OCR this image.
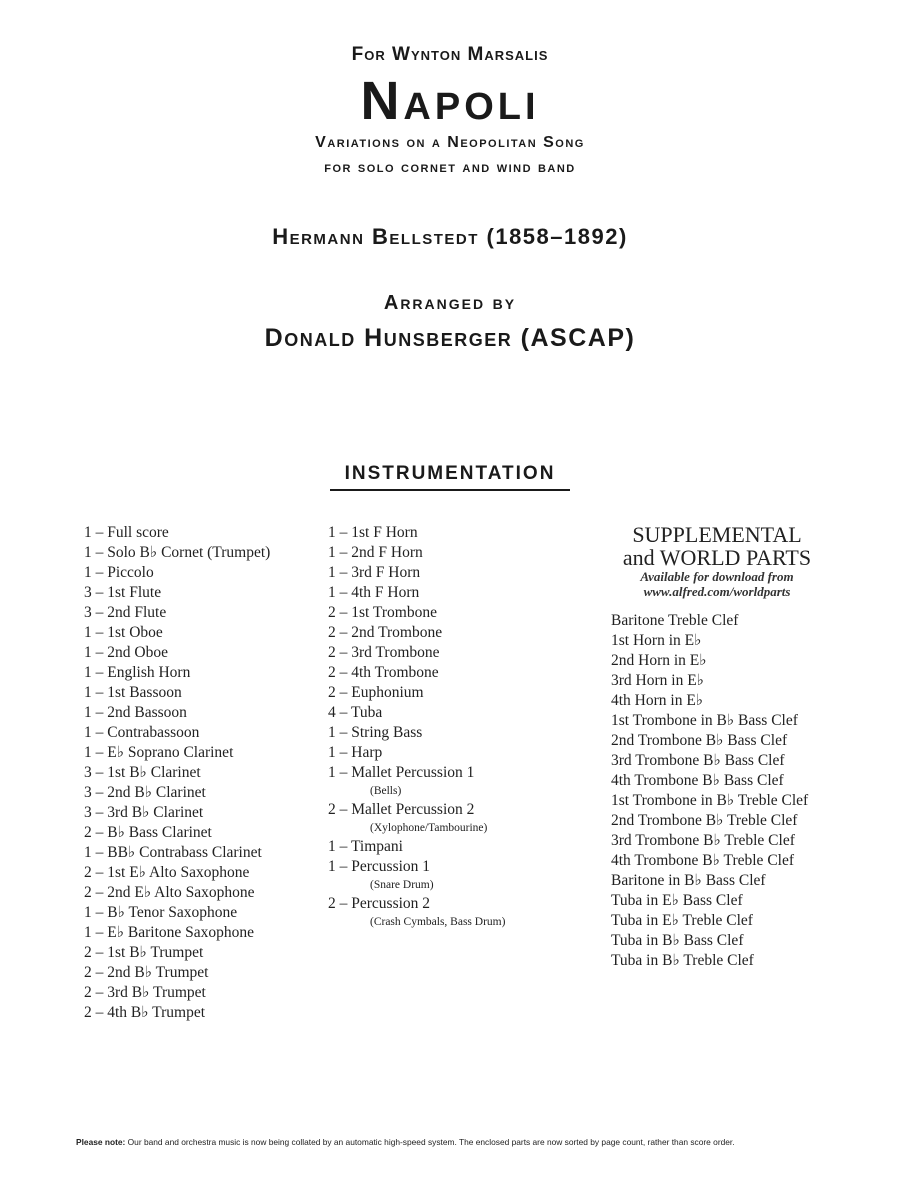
For Wynton Marsalis
Napoli
Variations on a Neopolitan Song
for solo cornet and wind band
Hermann Bellstedt (1858–1892)
Arranged by
Donald Hunsberger (ASCAP)
INSTRUMENTATION
1 – Full score
1 – Solo B♭ Cornet (Trumpet)
1 – Piccolo
3 – 1st Flute
3 – 2nd Flute
1 – 1st Oboe
1 – 2nd Oboe
1 – English Horn
1 – 1st Bassoon
1 – 2nd Bassoon
1 – Contrabassoon
1 – E♭ Soprano Clarinet
3 – 1st B♭ Clarinet
3 – 2nd B♭ Clarinet
3 – 3rd B♭ Clarinet
2 – B♭ Bass Clarinet
1 – BB♭ Contrabass Clarinet
2 – 1st E♭ Alto Saxophone
2 – 2nd E♭ Alto Saxophone
1 – B♭ Tenor Saxophone
1 – E♭ Baritone Saxophone
2 – 1st B♭ Trumpet
2 – 2nd B♭ Trumpet
2 – 3rd B♭ Trumpet
2 – 4th B♭ Trumpet
1 – 1st F Horn
1 – 2nd F Horn
1 – 3rd F Horn
1 – 4th F Horn
2 – 1st Trombone
2 – 2nd Trombone
2 – 3rd Trombone
2 – 4th Trombone
2 – Euphonium
4 – Tuba
1 – String Bass
1 – Harp
1 – Mallet Percussion 1
(Bells)
2 – Mallet Percussion 2
(Xylophone/Tambourine)
1 – Timpani
1 – Percussion 1
(Snare Drum)
2 – Percussion 2
(Crash Cymbals, Bass Drum)
SUPPLEMENTAL
and WORLD PARTS
Available for download from
www.alfred.com/worldparts
Baritone Treble Clef
1st Horn in E♭
2nd Horn in E♭
3rd Horn in E♭
4th Horn in E♭
1st Trombone in B♭ Bass Clef
2nd Trombone B♭ Bass Clef
3rd Trombone B♭ Bass Clef
4th Trombone B♭ Bass Clef
1st Trombone in B♭ Treble Clef
2nd Trombone B♭ Treble Clef
3rd Trombone B♭ Treble Clef
4th Trombone B♭ Treble Clef
Baritone in B♭ Bass Clef
Tuba in E♭ Bass Clef
Tuba in E♭ Treble Clef
Tuba in B♭ Bass Clef
Tuba in B♭ Treble Clef
Please note: Our band and orchestra music is now being collated by an automatic high-speed system. The enclosed parts are now sorted by page count, rather than score order.
